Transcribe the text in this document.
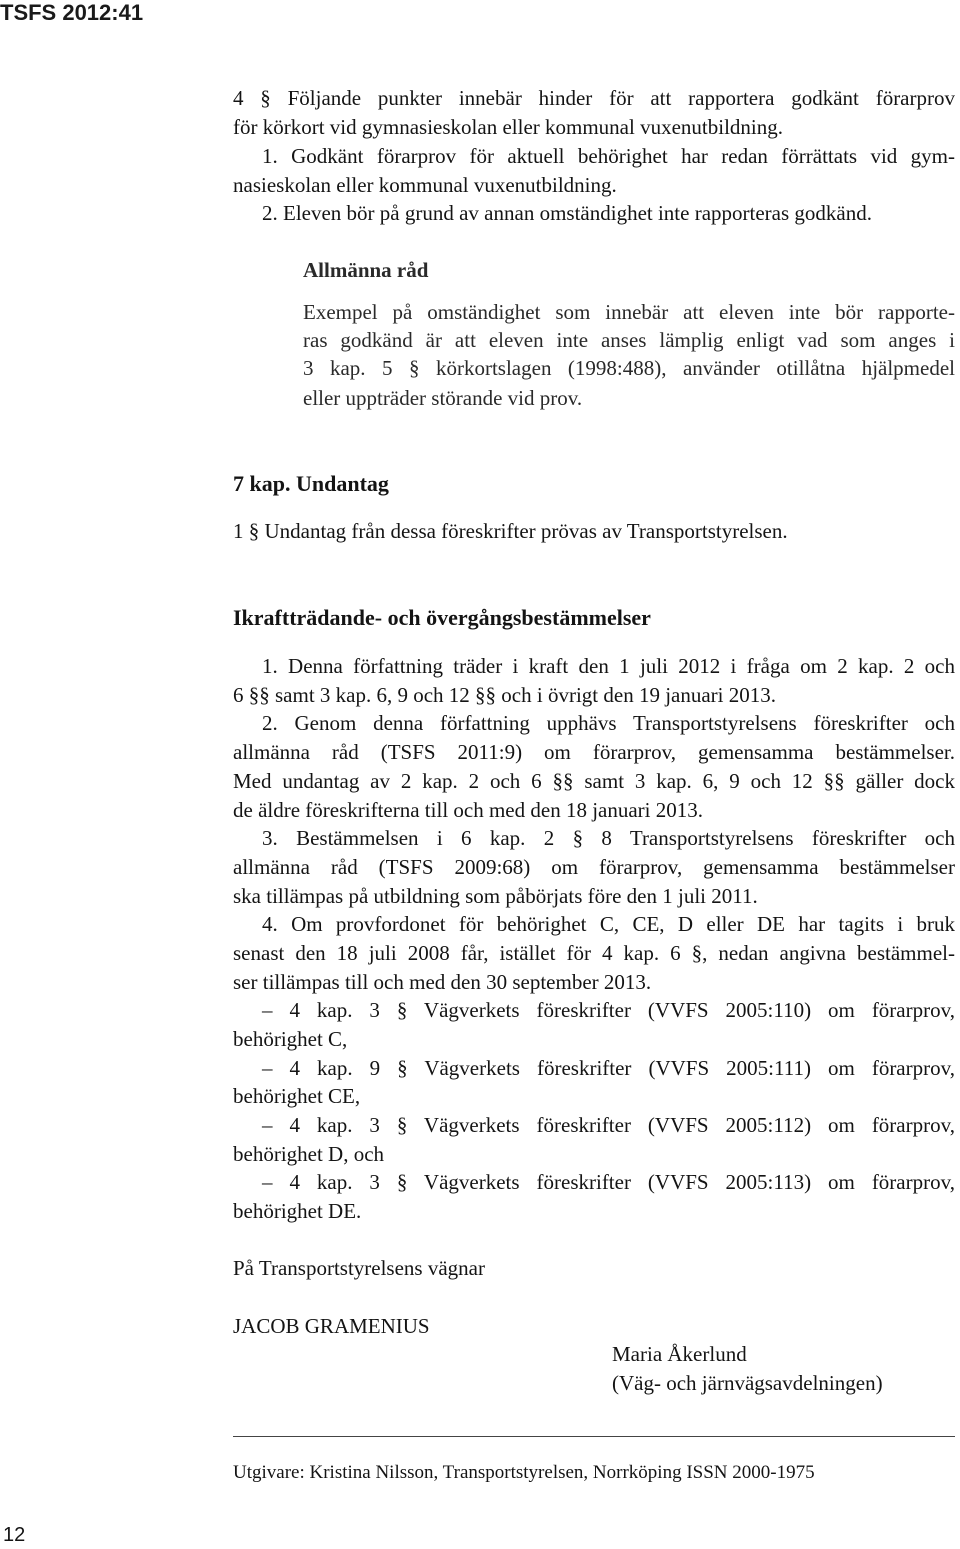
TSFS 2012:41

4 § Följande punkter innebär hinder för att rapportera godkänt förarprov

för körkort vid gymnasieskolan eller kommunal vuxenutbildning.

1. Godkänt förarprov för aktuell behörighet har redan förrättats vid gym-

nasieskolan eller kommunal vuxenutbildning.

2. Eleven bör på grund av annan omständighet inte rapporteras godkänd.

Allmänna råd

Exempel på omständighet som innebär att eleven inte bör rapporte-

ras godkänd är att eleven inte anses lämplig enligt vad som anges i

3 kap. 5 § körkortslagen (1998:488), använder otillåtna hjälpmedel

eller uppträder störande vid prov.

7 kap. Undantag

1 § Undantag från dessa föreskrifter prövas av Transportstyrelsen.

Ikraftträdande- och övergångsbestämmelser

1. Denna författning träder i kraft den 1 juli 2012 i fråga om 2 kap. 2 och

6 §§ samt 3 kap. 6, 9 och 12 §§ och i övrigt den 19 januari 2013.

2. Genom denna författning upphävs Transportstyrelsens föreskrifter och

allmänna råd (TSFS 2011:9) om förarprov, gemensamma bestämmelser.

Med undantag av 2 kap. 2 och 6 §§ samt 3 kap. 6, 9 och 12 §§ gäller dock

de äldre föreskrifterna till och med den 18 januari 2013.

3. Bestämmelsen i 6 kap. 2 § 8 Transportstyrelsens föreskrifter och

allmänna råd (TSFS 2009:68) om förarprov, gemensamma bestämmelser

ska tillämpas på utbildning som påbörjats före den 1 juli 2011.

4. Om provfordonet för behörighet C, CE, D eller DE har tagits i bruk

senast den 18 juli 2008 får, istället för 4 kap. 6 §, nedan angivna bestämmel-

ser tillämpas till och med den 30 september 2013.

– 4 kap. 3 § Vägverkets föreskrifter (VVFS 2005:110) om förarprov,

behörighet C,

– 4 kap. 9 § Vägverkets föreskrifter (VVFS 2005:111) om förarprov,

behörighet CE,

– 4 kap. 3 § Vägverkets föreskrifter (VVFS 2005:112) om förarprov,

behörighet D, och

– 4 kap. 3 § Vägverkets föreskrifter (VVFS 2005:113) om förarprov,

behörighet DE.

På Transportstyrelsens vägnar

JACOB GRAMENIUS

Maria Åkerlund

(Väg- och järnvägsavdelningen)

Utgivare: Kristina Nilsson, Transportstyrelsen, Norrköping ISSN 2000-1975

12
